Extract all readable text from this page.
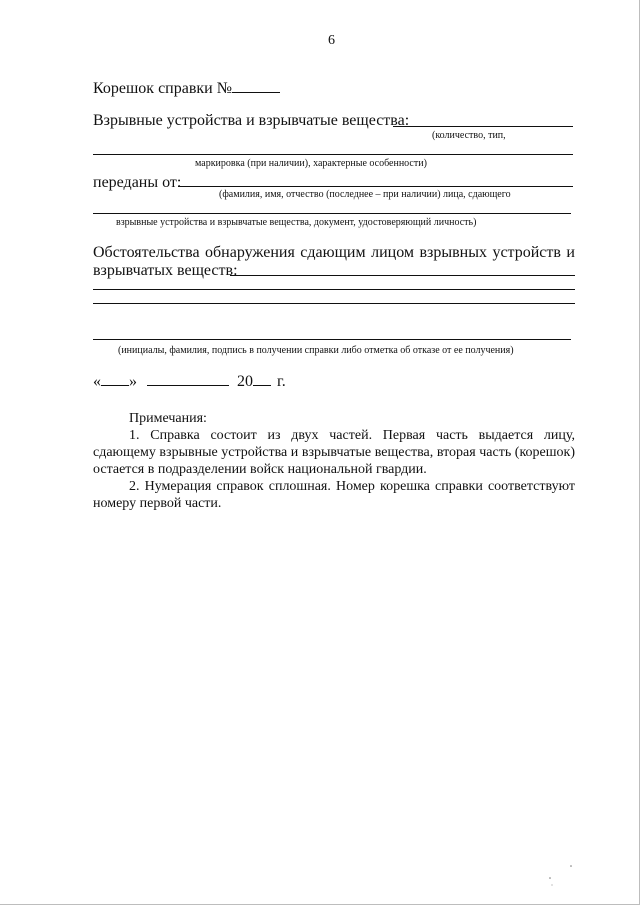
6
Корешок справки №
Взрывные устройства и взрывчатые вещества:
(количество, тип,
маркировка (при наличии), характерные особенности)
переданы от:
(фамилия, имя, отчество (последнее – при наличии) лица, сдающего
взрывные устройства и взрывчатые вещества, документ, удостоверяющий личность)
Обстоятельства обнаружения сдающим лицом взрывных устройств и
взрывчатых веществ:
(инициалы, фамилия, подпись в получении справки либо отметка об отказе от ее получения)
« »	20 г.
Примечания:
1. Справка состоит из двух частей. Первая часть выдается лицу, сдающему взрывные устройства и взрывчатые вещества, вторая часть (корешок) остается в подразделении войск национальной гвардии.
2. Нумерация справок сплошная. Номер корешка справки соответствуют номеру первой части.
